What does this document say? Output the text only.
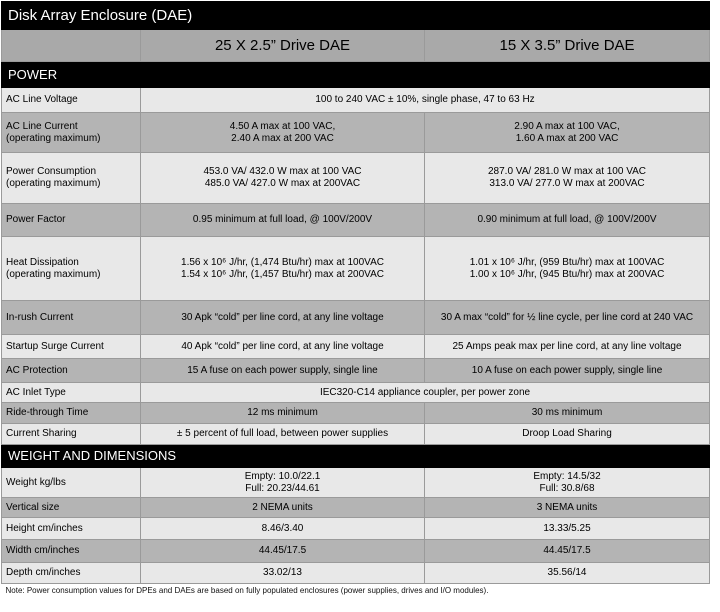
Disk Array Enclosure (DAE)		
	25 X 2.5” Drive DAE	15 X 3.5” Drive DAE
POWER		
AC Line Voltage	100 to 240 VAC ± 10%, single phase, 47 to 63 Hz	

AC Line Current
(operating maximum)	4.50 A max at 100 VAC,
2.40 A max at 200 VAC	2.90 A max at 100 VAC,
1.60 A max at 200 VAC

Power Consumption
(operating maximum)	453.0 VA/ 432.0 W max at 100 VAC
485.0 VA/ 427.0 W max at 200VAC	287.0 VA/ 281.0 W max at 100 VAC
313.0 VA/ 277.0 W max at 200VAC

Power Factor	0.95 minimum at full load, @ 100V/200V	0.90 minimum at full load, @ 100V/200V

Heat Dissipation
(operating maximum)	1.56 x 10⁶ J/hr, (1,474 Btu/hr) max at 100VAC
1.54 x 10⁶ J/hr, (1,457 Btu/hr) max at 200VAC	1.01 x 10⁶ J/hr, (959 Btu/hr) max at 100VAC
1.00 x 10⁶ J/hr, (945 Btu/hr) max at 200VAC

In-rush Current	30 Apk “cold” per line cord, at any line voltage	30 A max “cold” for ½ line cycle, per line cord at 240 VAC
Startup Surge Current	40 Apk “cold” per line cord, at any line voltage	25 Amps peak max per line cord, at any line voltage
AC Protection	15 A fuse on each power supply, single line	10 A fuse on each power supply, single line
AC Inlet Type	IEC320-C14 appliance coupler, per power zone	
Ride-through Time	12 ms minimum	30 ms minimum
Current Sharing	± 5 percent of full load, between power supplies	Droop Load Sharing
WEIGHT AND DIMENSIONS		
Weight kg/lbs	Empty: 10.0/22.1
Full: 20.23/44.61	Empty: 14.5/32
Full: 30.8/68

Vertical size	2 NEMA units	3 NEMA units
Height cm/inches	8.46/3.40	13.33/5.25
Width cm/inches	44.45/17.5	44.45/17.5
Depth cm/inches	33.02/13	35.56/14
Note: Power consumption values for DPEs and DAEs are based on fully populated enclosures (power supplies, drives and I/O modules).		
